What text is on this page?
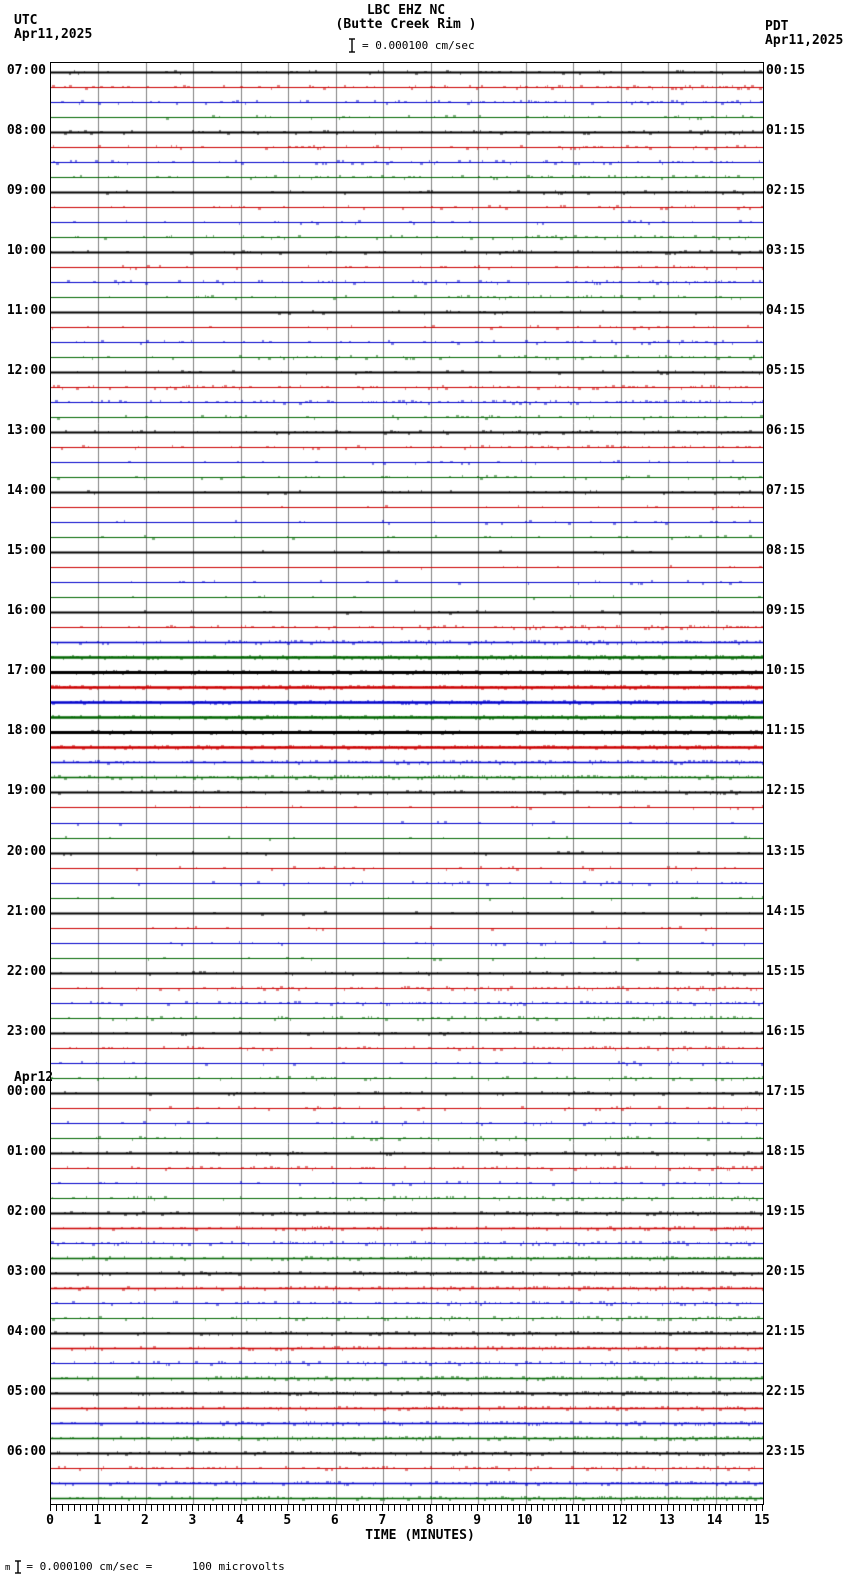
LBC EHZ NC
(Butte Creek Rim )
= 0.000100 cm/sec
UTC
Apr11,2025
PDT
Apr11,2025
07:00
08:00
09:00
10:00
11:00
12:00
13:00
14:00
15:00
16:00
17:00
18:00
19:00
20:00
21:00
22:00
23:00
00:00
Apr12
01:00
02:00
03:00
04:00
05:00
06:00
00:15
01:15
02:15
03:15
04:15
05:15
06:15
07:15
08:15
09:15
10:15
11:15
12:15
13:15
14:15
15:15
16:15
17:15
18:15
19:15
20:15
21:15
22:15
23:15
0	1	2	3	4	5	6	7	8	9	10 11 12 13 14 15
TIME (MINUTES)
m = 0.000100 cm/sec =      100 microvolts
